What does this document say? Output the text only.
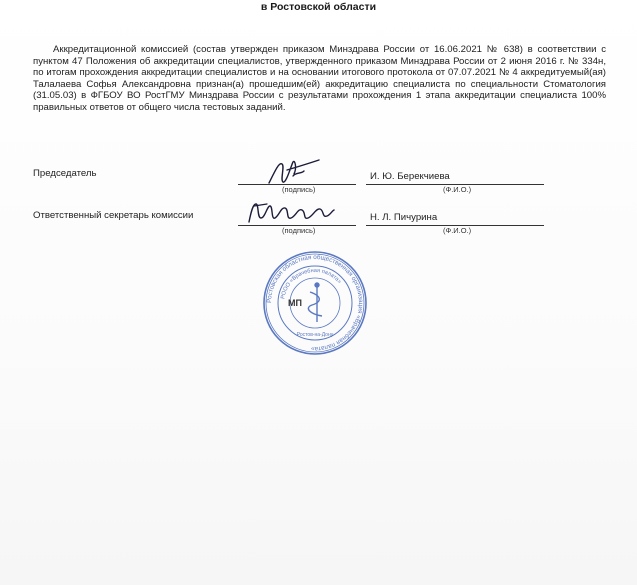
в Ростовской области
Аккредитационной комиссией (состав утвержден приказом Минздрава России от 16.06.2021 № 638) в соответствии с пунктом 47 Положения об аккредитации специалистов, утвержденного приказом Минздрава России от 2 июня 2016 г. № 334н, по итогам прохождения аккредитации специалистов и на основании итогового протокола от 07.07.2021 № 4 аккредитуемый(ая) Талалаева Софья Александровна признан(а) прошедшим(ей) аккредитацию специалиста по специальности Стоматология (31.05.03) в ФГБОУ ВО РостГМУ Минздрава России с результатами прохождения 1 этапа аккредитации специалиста 100% правильных ответов от общего числа тестовых заданий.
Председатель
(подпись)
И. Ю. Берекчиева
(Ф.И.О.)
Ответственный секретарь комиссии
(подпись)
Н. Л. Пичурина
(Ф.И.О.)
Ростовская областная общественная организация «Врачебная палата»
РООО «Врачебная палата»
Ростов-на-Дону
МП
